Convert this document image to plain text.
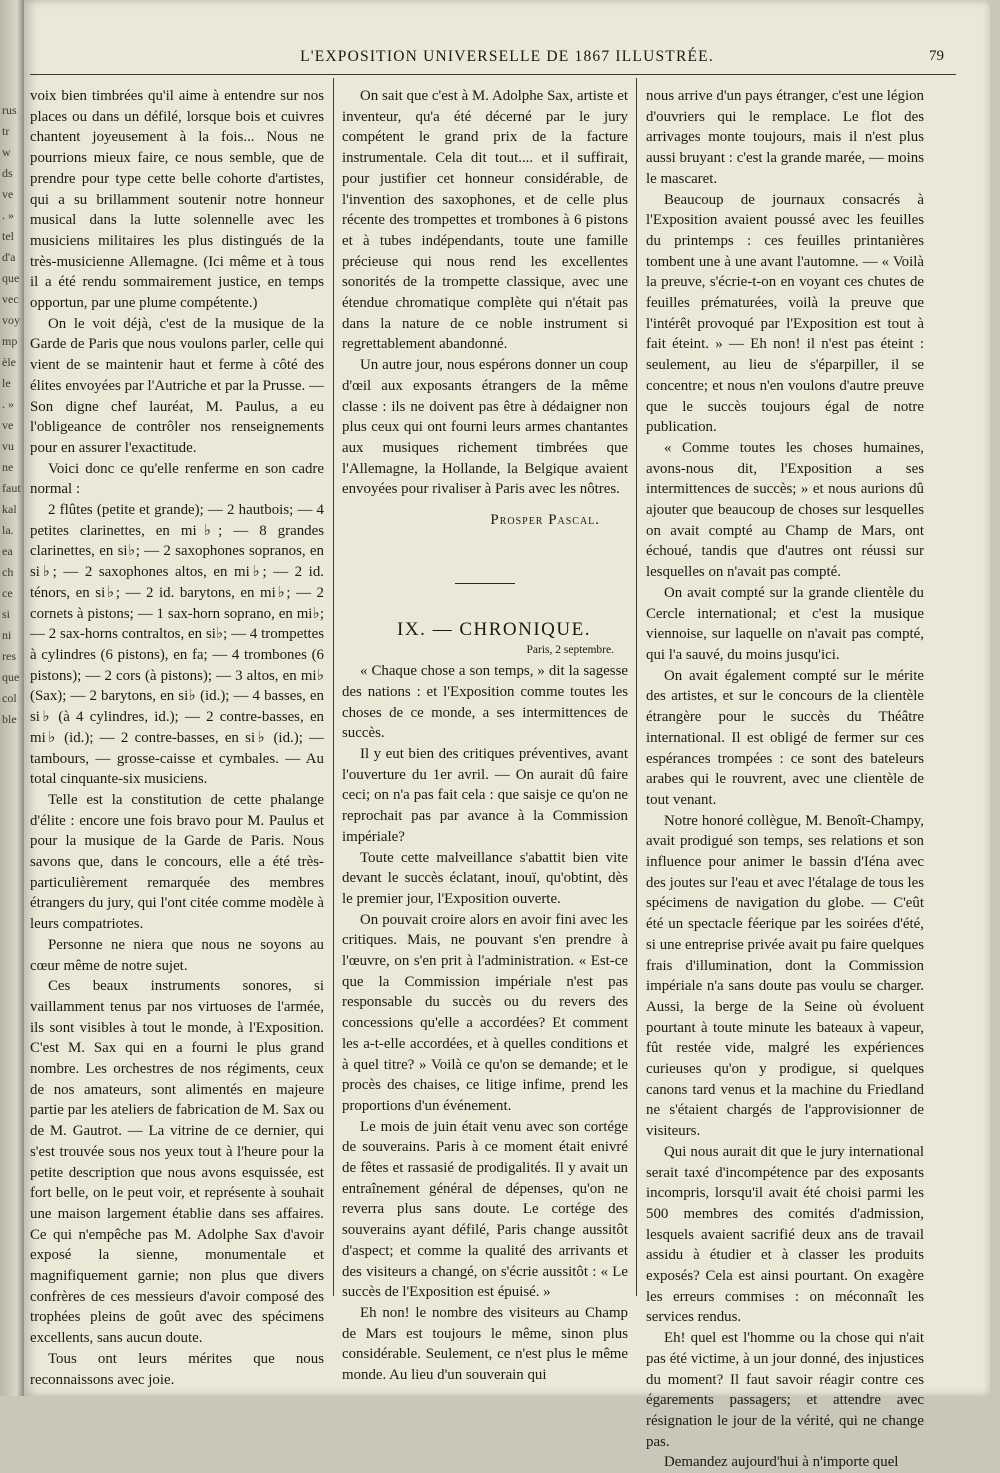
rus
tr
w
ds
ve
. »
tel
d'a
que
vec
voy
mp
èle
le
. »
ve
vu
ne
faut
kal
la.
ea
ch
ce
si
ni
res
que
col
ble
L'EXPOSITION UNIVERSELLE DE 1867 ILLUSTRÉE.	79

voix bien timbrées qu'il aime à entendre sur nos places ou dans un défilé, lorsque bois et cuivres chantent joyeusement à la fois... Nous ne pourrions mieux faire, ce nous semble, que de prendre pour type cette belle cohorte d'artistes, qui a su brillamment soutenir notre honneur musical dans la lutte solennelle avec les musiciens militaires les plus distingués de la très-musicienne Allemagne. (Ici même et à tous il a été rendu sommairement justice, en temps opportun, par une plume compétente.)

On le voit déjà, c'est de la musique de la Garde de Paris que nous voulons parler, celle qui vient de se maintenir haut et ferme à côté des élites envoyées par l'Autriche et par la Prusse. — Son digne chef lauréat, M. Paulus, a eu l'obligeance de contrôler nos renseignements pour en assurer l'exactitude.

Voici donc ce qu'elle renferme en son cadre normal :

2 flûtes (petite et grande); — 2 hautbois; — 4 petites clarinettes, en mi♭; — 8 grandes clarinettes, en si♭; — 2 saxophones sopranos, en si♭; — 2 saxophones altos, en mi♭; — 2 id. ténors, en si♭; — 2 id. barytons, en mi♭; — 2 cornets à pistons; — 1 sax-horn soprano, en mi♭; — 2 sax-horns contraltos, en si♭; — 4 trompettes à cylindres (6 pistons), en fa; — 4 trombones (6 pistons); — 2 cors (à pistons); — 3 altos, en mi♭ (Sax); — 2 barytons, en si♭ (id.); — 4 basses, en si♭ (à 4 cylindres, id.); — 2 contre-basses, en mi♭ (id.); — 2 contre-basses, en si♭ (id.); — tambours, — grosse-caisse et cymbales. — Au total cinquante-six musiciens.

Telle est la constitution de cette phalange d'élite : encore une fois bravo pour M. Paulus et pour la musique de la Garde de Paris. Nous savons que, dans le concours, elle a été très-particulièrement remarquée des membres étrangers du jury, qui l'ont citée comme modèle à leurs compatriotes.

Personne ne niera que nous ne soyons au cœur même de notre sujet.

Ces beaux instruments sonores, si vaillamment tenus par nos virtuoses de l'armée, ils sont visibles à tout le monde, à l'Exposition. C'est M. Sax qui en a fourni le plus grand nombre. Les orchestres de nos régiments, ceux de nos amateurs, sont alimentés en majeure partie par les ateliers de fabrication de M. Sax ou de M. Gautrot. — La vitrine de ce dernier, qui s'est trouvée sous nos yeux tout à l'heure pour la petite description que nous avons esquissée, est fort belle, on le peut voir, et représente à souhait une maison largement établie dans ses affaires. Ce qui n'empêche pas M. Adolphe Sax d'avoir exposé la sienne, monumentale et magnifiquement garnie; non plus que divers confrères de ces messieurs d'avoir composé des trophées pleins de goût avec des spécimens excellents, sans aucun doute.

Tous ont leurs mérites que nous reconnaissons avec joie.

On sait que c'est à M. Adolphe Sax, artiste et inventeur, qu'a été décerné par le jury compétent le grand prix de la facture instrumentale. Cela dit tout.... et il suffirait, pour justifier cet honneur considérable, de l'invention des saxophones, et de celle plus récente des trompettes et trombones à 6 pistons et à tubes indépendants, toute une famille précieuse qui nous rend les excellentes sonorités de la trompette classique, avec une étendue chromatique complète qui n'était pas dans la nature de ce noble instrument si regrettablement abandonné.

Un autre jour, nous espérons donner un coup d'œil aux exposants étrangers de la même classe : ils ne doivent pas être à dédaigner non plus ceux qui ont fourni leurs armes chantantes aux musiques richement timbrées que l'Allemagne, la Hollande, la Belgique avaient envoyées pour rivaliser à Paris avec les nôtres.

Prosper Pascal.

IX. — CHRONIQUE.

Paris, 2 septembre.

« Chaque chose a son temps, » dit la sagesse des nations : et l'Exposition comme toutes les choses de ce monde, a ses intermittences de succès.

Il y eut bien des critiques préventives, avant l'ouverture du 1er avril. — On aurait dû faire ceci; on n'a pas fait cela : que saisje ce qu'on ne reprochait pas par avance à la Commission impériale?

Toute cette malveillance s'abattit bien vite devant le succès éclatant, inouï, qu'obtint, dès le premier jour, l'Exposition ouverte.

On pouvait croire alors en avoir fini avec les critiques. Mais, ne pouvant s'en prendre à l'œuvre, on s'en prit à l'administration. « Est-ce que la Commission impériale n'est pas responsable du succès ou du revers des concessions qu'elle a accordées? Et comment les a-t-elle accordées, et à quelles conditions et à quel titre? » Voilà ce qu'on se demande; et le procès des chaises, ce litige infime, prend les proportions d'un événement.

Le mois de juin était venu avec son cortége de souverains. Paris à ce moment était enivré de fêtes et rassasié de prodigalités. Il y avait un entraînement général de dépenses, qu'on ne reverra plus sans doute. Le cortége des souverains ayant défilé, Paris change aussitôt d'aspect; et comme la qualité des arrivants et des visiteurs a changé, on s'écrie aussitôt : « Le succès de l'Exposition est épuisé. »

Eh non! le nombre des visiteurs au Champ de Mars est toujours le même, sinon plus considérable. Seulement, ce n'est plus le même monde. Au lieu d'un souverain qui

nous arrive d'un pays étranger, c'est une légion d'ouvriers qui le remplace. Le flot des arrivages monte toujours, mais il n'est plus aussi bruyant : c'est la grande marée, — moins le mascaret.

Beaucoup de journaux consacrés à l'Exposition avaient poussé avec les feuilles du printemps : ces feuilles printanières tombent une à une avant l'automne. — « Voilà la preuve, s'écrie-t-on en voyant ces chutes de feuilles prématurées, voilà la preuve que l'intérêt provoqué par l'Exposition est tout à fait éteint. » — Eh non! il n'est pas éteint : seulement, au lieu de s'éparpiller, il se concentre; et nous n'en voulons d'autre preuve que le succès toujours égal de notre publication.

« Comme toutes les choses humaines, avons-nous dit, l'Exposition a ses intermittences de succès; » et nous aurions dû ajouter que beaucoup de choses sur lesquelles on avait compté au Champ de Mars, ont échoué, tandis que d'autres ont réussi sur lesquelles on n'avait pas compté.

On avait compté sur la grande clientèle du Cercle international; et c'est la musique viennoise, sur laquelle on n'avait pas compté, qui l'a sauvé, du moins jusqu'ici.

On avait également compté sur le mérite des artistes, et sur le concours de la clientèle étrangère pour le succès du Théâtre international. Il est obligé de fermer sur ces espérances trompées : ce sont des bateleurs arabes qui le rouvrent, avec une clientèle de tout venant.

Notre honoré collègue, M. Benoît-Champy, avait prodigué son temps, ses relations et son influence pour animer le bassin d'Iéna avec des joutes sur l'eau et avec l'étalage de tous les spécimens de navigation du globe. — C'eût été un spectacle féerique par les soirées d'été, si une entreprise privée avait pu faire quelques frais d'illumination, dont la Commission impériale n'a sans doute pas voulu se charger. Aussi, la berge de la Seine où évoluent pourtant à toute minute les bateaux à vapeur, fût restée vide, malgré les expériences curieuses qu'on y prodigue, si quelques canons tard venus et la machine du Friedland ne s'étaient chargés de l'approvisionner de visiteurs.

Qui nous aurait dit que le jury international serait taxé d'incompétence par des exposants incompris, lorsqu'il avait été choisi parmi les 500 membres des comités d'admission, lesquels avaient sacrifié deux ans de travail assidu à étudier et à classer les produits exposés? Cela est ainsi pourtant. On exagère les erreurs commises : on méconnaît les services rendus.

Eh! quel est l'homme ou la chose qui n'ait pas été victime, à un jour donné, des injustices du moment? Il faut savoir réagir contre ces égarements passagers; et attendre avec résignation le jour de la vérité, qui ne change pas.

Demandez aujourd'hui à n'importe quel
